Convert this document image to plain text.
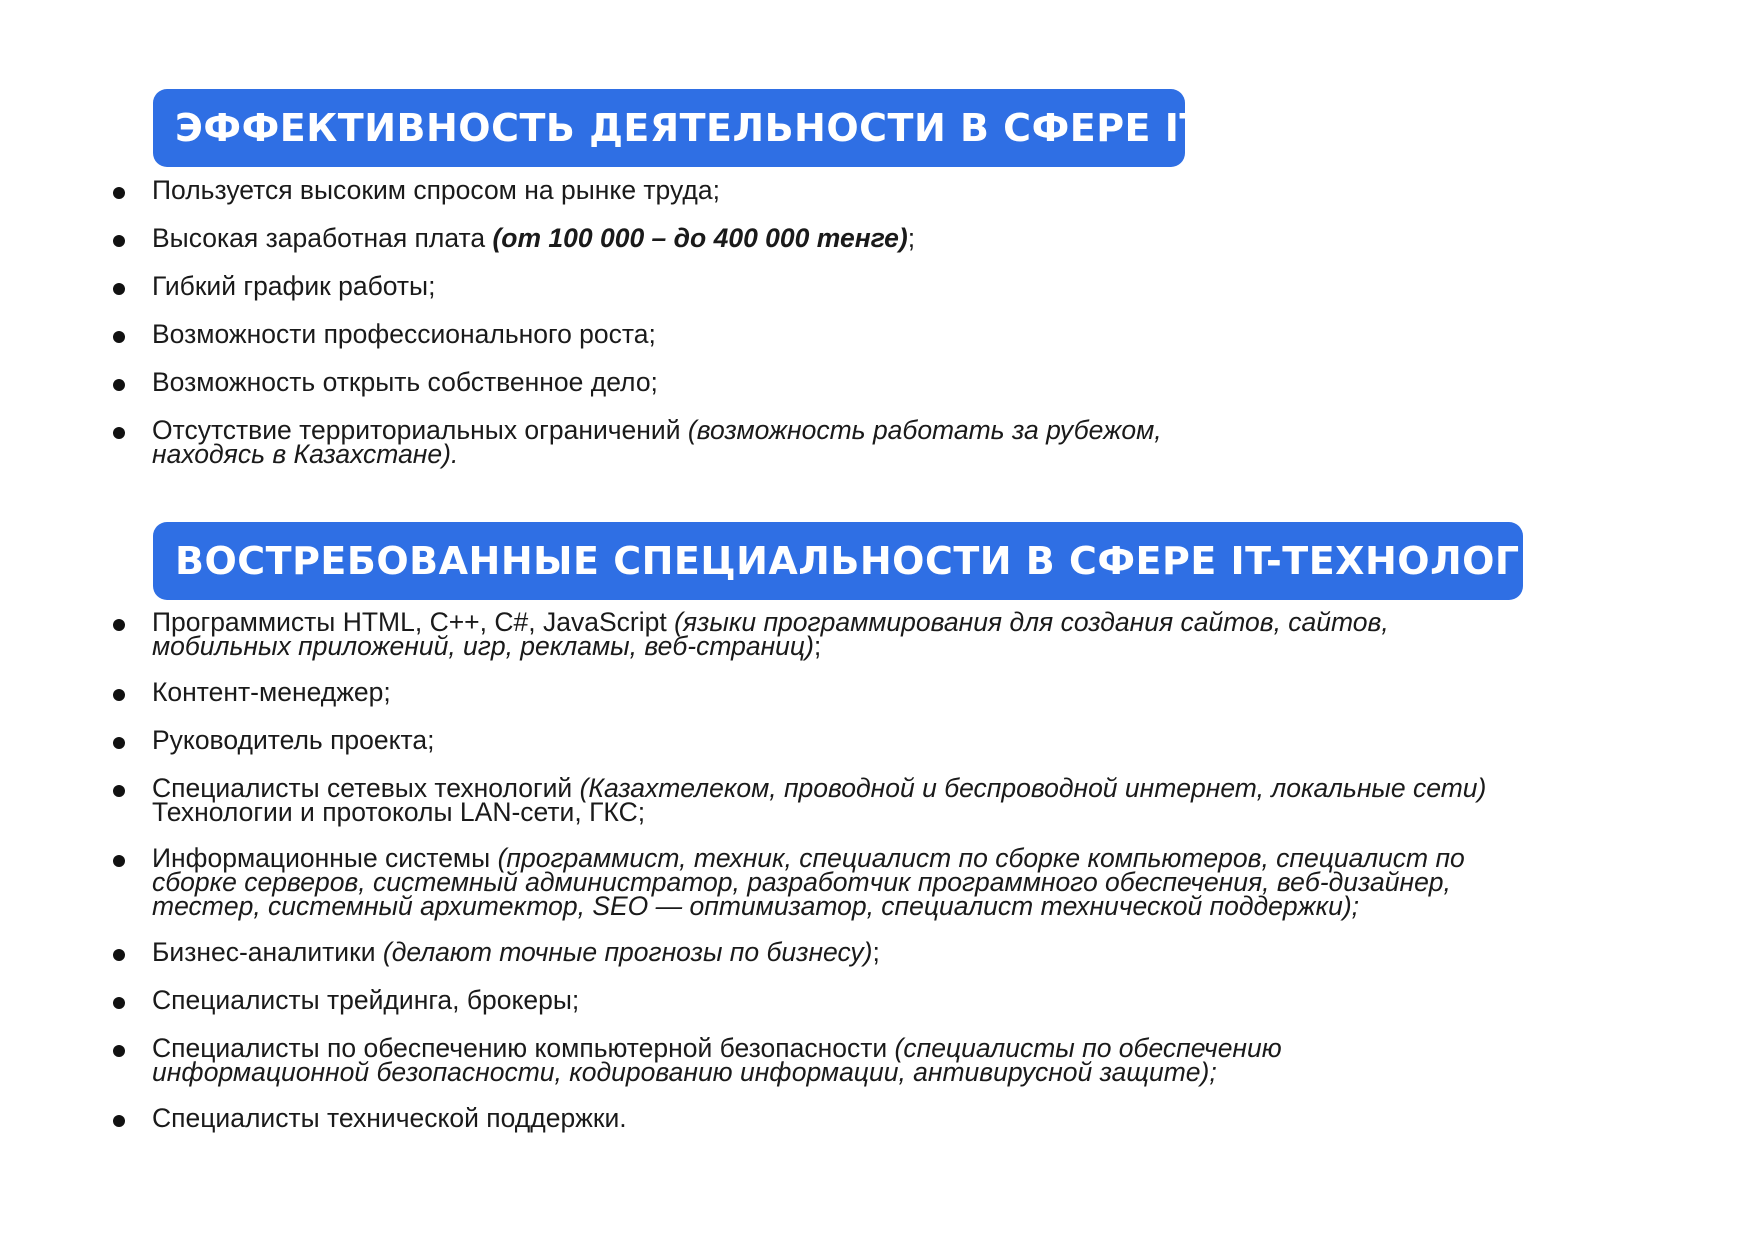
ЭФФЕКТИВНОСТЬ ДЕЯТЕЛЬНОСТИ В СФЕРЕ IT
Пользуется высоким спросом на рынке труда;
Высокая заработная плата (от 100 000 – до 400 000 тенге);
Гибкий график работы;
Возможности профессионального роста;
Возможность открыть собственное дело;
Отсутствие территориальных ограничений (возможность работать за рубежом,
находясь в Казахстане).
ВОСТРЕБОВАННЫЕ СПЕЦИАЛЬНОСТИ В СФЕРЕ IT-ТЕХНОЛОГИЙ
Программисты HTML, C++, C#, JavaScript (языки программирования для создания сайтов, сайтов,
мобильных приложений, игр, рекламы, веб-страниц);
Контент-менеджер;
Руководитель проекта;
Специалисты сетевых технологий (Казахтелеком, проводной и беспроводной интернет, локальные сети)
Технологии и протоколы LAN-сети, ГКС;
Информационные системы (программист, техник, специалист по сборке компьютеров, специалист по
сборке серверов, системный администратор, разработчик программного обеспечения, веб-дизайнер,
тестер, системный архитектор, SEO — оптимизатор, специалист технической поддержки);
Бизнес-аналитики (делают точные прогнозы по бизнесу);
Специалисты трейдинга, брокеры;
Специалисты по обеспечению компьютерной безопасности (специалисты по обеспечению
информационной безопасности, кодированию информации, антивирусной защите);
Специалисты технической поддержки.
